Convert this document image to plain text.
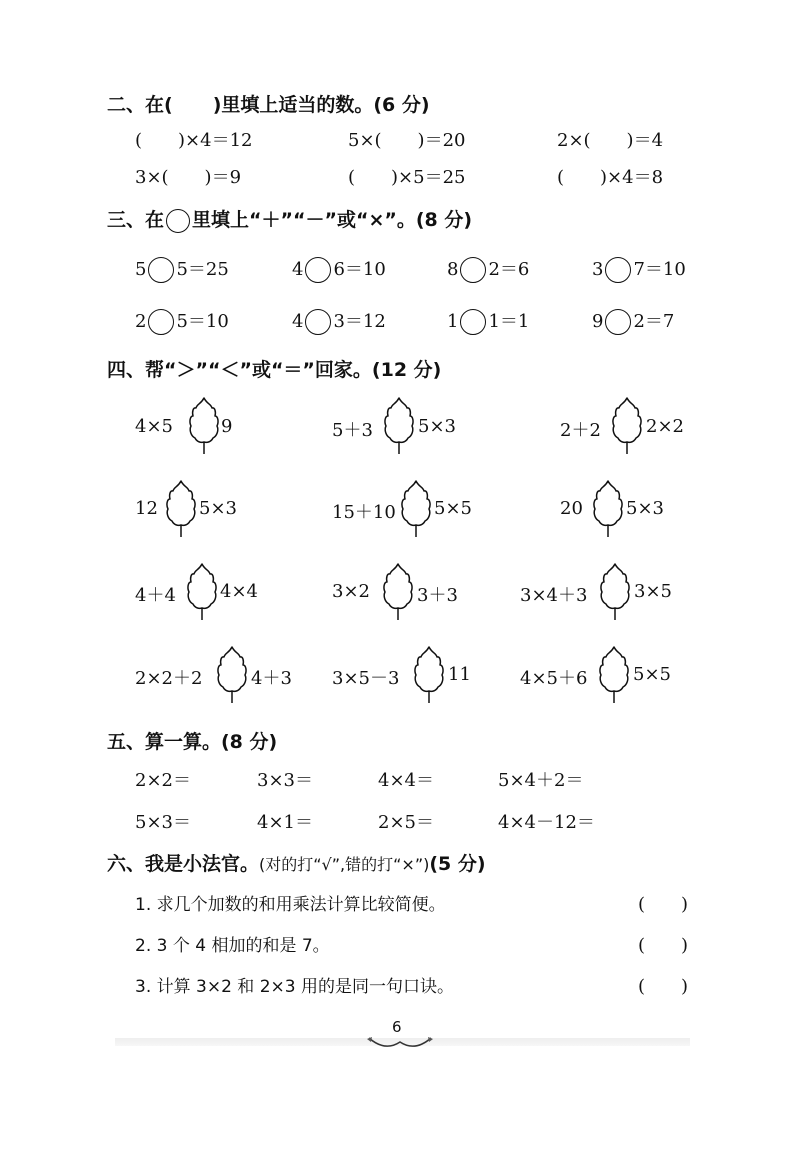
二、在( )里填上适当的数。(6 分)
(　　)×4＝12	5×(　　)＝20	2×(　　)＝4
3×(　　)＝9	(　　)×5＝25	(　　)×4＝8
三、在 里填上“＋”“－”或“×”。(8 分)
5 5＝25	4 6＝10	8 2＝6	3 7＝10
2 5＝10	4 3＝12	1 1＝1	9 2＝7
四、帮“＞”“＜”或“＝”回家。(12 分)
4×5	9	5＋3	5×3	2＋2	2×2
12 5×3	15＋10 5×5	20 5×3
4＋4 4×4	3×2	3＋3	3×4＋3	3×5
2×2＋2	4＋3 3×5－3	11	4×5＋6	5×5
五、算一算。(8 分)
2×2＝	3×3＝	4×4＝	5×4＋2＝
5×3＝	4×1＝	2×5＝	4×4－12＝
六、我是小法官。(对的打“√”,错的打“×”)(5 分)
1. 求几个加数的和用乘法计算比较简便。	(　　)
2. 3 个 4 相加的和是 7。	(　　)
3. 计算 3×2 和 2×3 用的是同一句口诀。	(　　)
6
